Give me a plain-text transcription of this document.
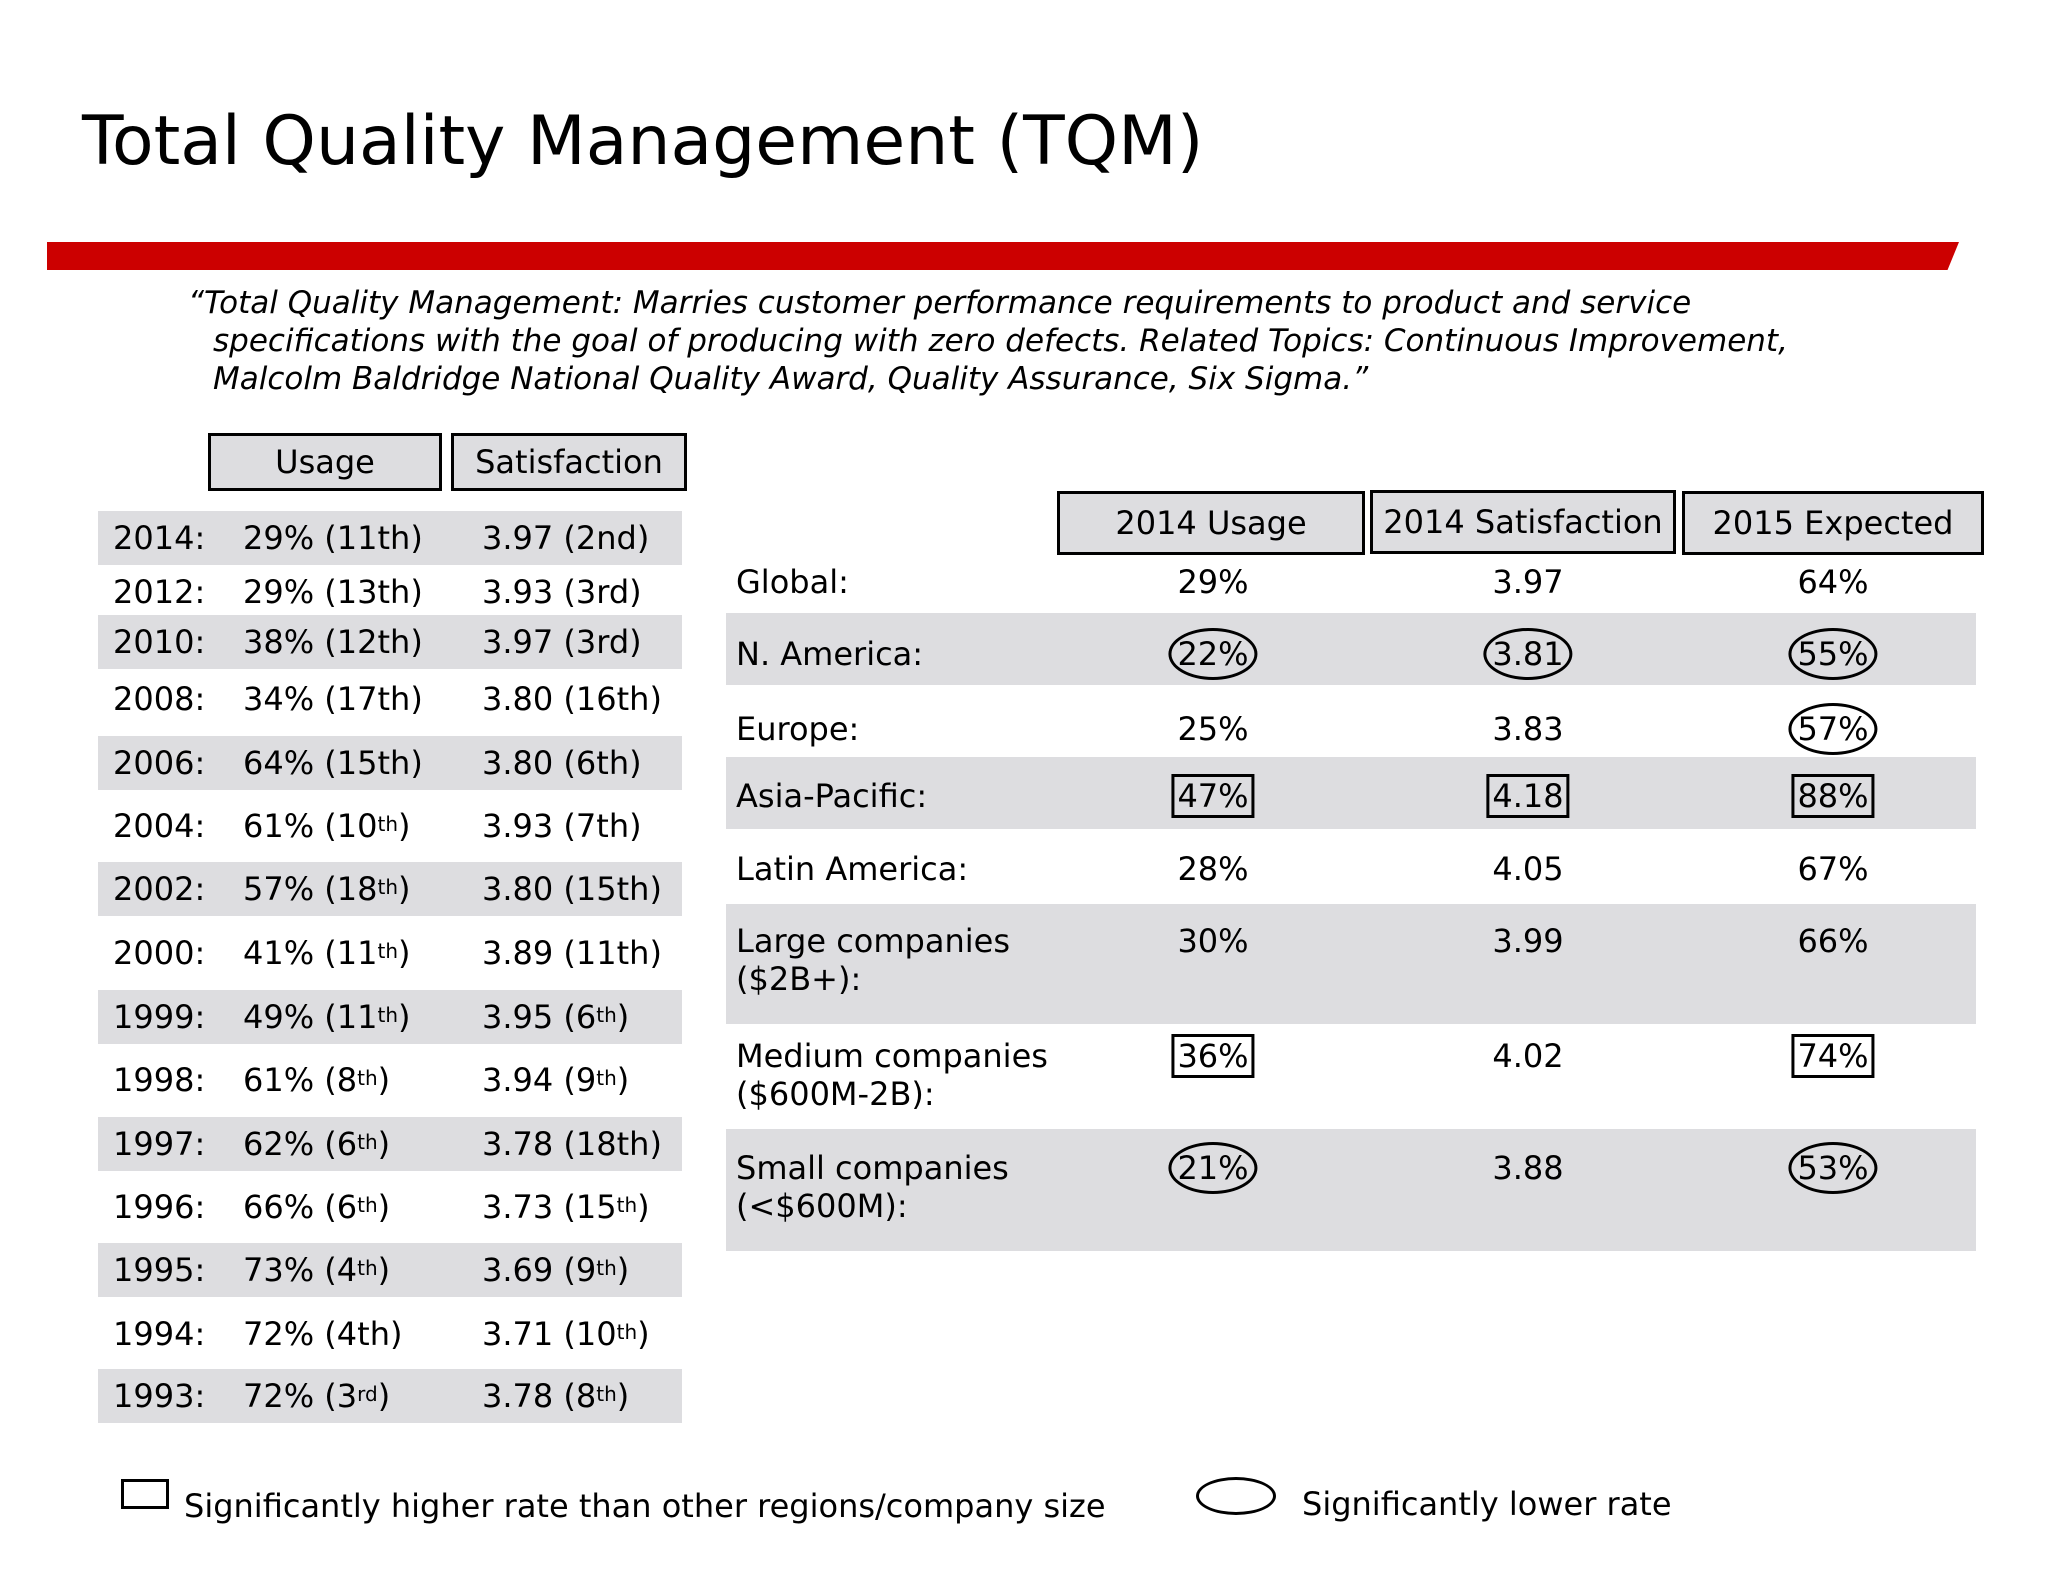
Total Quality Management (TQM)
“Total Quality Management: Marries customer performance requirements to product and service
specifications with the goal of producing with zero defects. Related Topics: Continuous Improvement,
Malcolm Baldridge National Quality Award, Quality Assurance, Six Sigma.”
Usage	Satisfaction
2014: 29% (11th) 3.97 (2nd)
2012: 29% (13th) 3.93 (3rd)
2010: 38% (12th) 3.97 (3rd)
2008: 34% (17th) 3.80 (16th)
2006: 64% (15th) 3.80 (6th)
2004: 61% (10th) 3.93 (7th)
2002: 57% (18th) 3.80 (15th)
2000: 41% (11th) 3.89 (11th)
1999: 49% (11th) 3.95 (6th)
1998: 61% (8th)	3.94 (9th)
1997: 62% (6th)	3.78 (18th)
1996: 66% (6th)	3.73 (15th)
1995: 73% (4th)	3.69 (9th)
1994: 72% (4th) 3.71 (10th)
1993: 72% (3rd)	3.78 (8th)
2014 Usage	2014 Satisfaction	2015 Expected
Global:	29%	3.97	64%
N. America:	22%	3.81	55%
Europe:	25%	3.83	57%
Asia-Pacific:	47%	4.18	88%
Latin America:	28%	4.05	67%
Large companies
($2B+):
30%	3.99	66%
Medium companies
($600M-2B):
36%	4.02	74%
Small companies
(<$600M):
21%	3.88	53%
Significantly higher rate than other regions/company size	Significantly lower rate
